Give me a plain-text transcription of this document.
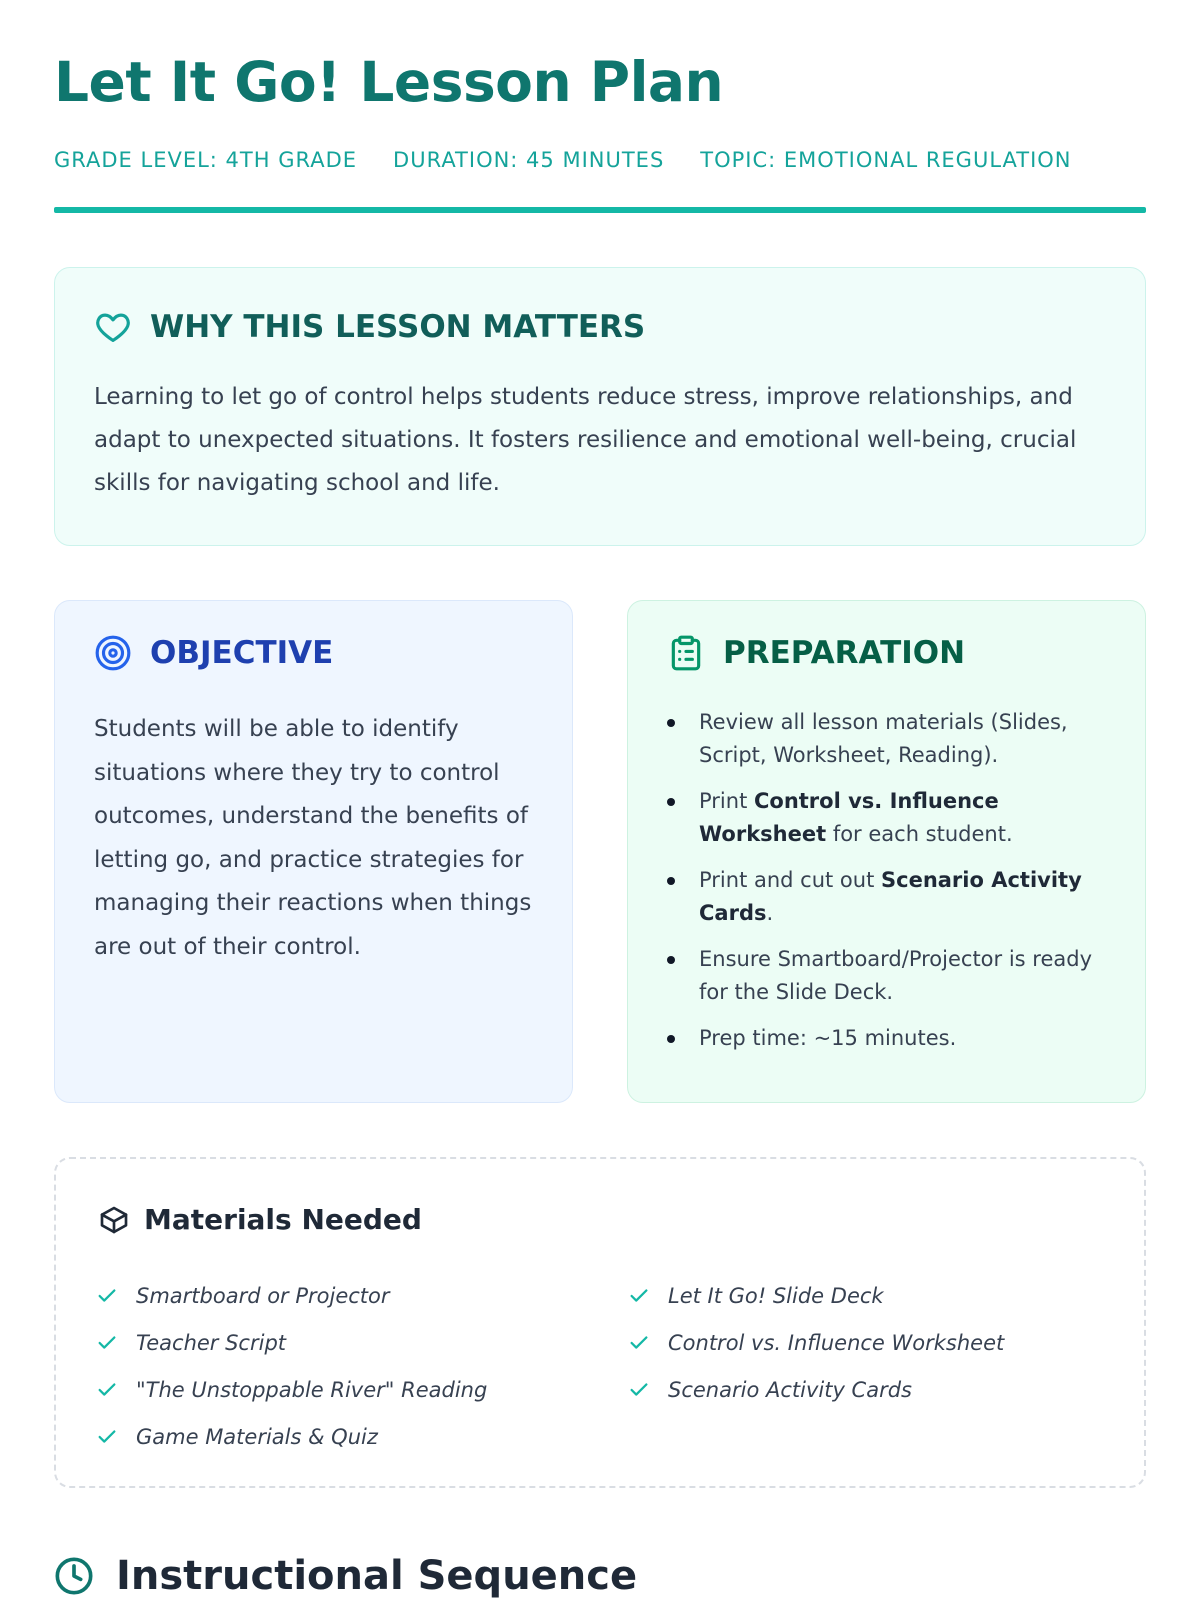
Let It Go! Lesson Plan
GRADE LEVEL: 4TH GRADE DURATION: 45 MINUTES TOPIC: EMOTIONAL REGULATION
WHY THIS LESSON MATTERS

Learning to let go of control helps students reduce stress, improve relationships, and adapt to unexpected situations. It fosters resilience and emotional well-being, crucial skills for navigating school and life.

OBJECTIVE

Students will be able to identify situations where they try to control outcomes, understand the benefits of letting go, and practice strategies for managing their reactions when things are out of their control.

PREPARATION
Review all lesson materials (Slides, Script, Worksheet, Reading).
Print Control vs. Influence Worksheet for each student.
Print and cut out Scenario Activity Cards.
Ensure Smartboard/Projector is ready for the Slide Deck.
Prep time: ~15 minutes.
Materials Needed
Smartboard or Projector
Teacher Script
"The Unstoppable River" Reading
Game Materials & Quiz
Let It Go! Slide Deck
Control vs. Influence Worksheet
Scenario Activity Cards
Instructional Sequence
